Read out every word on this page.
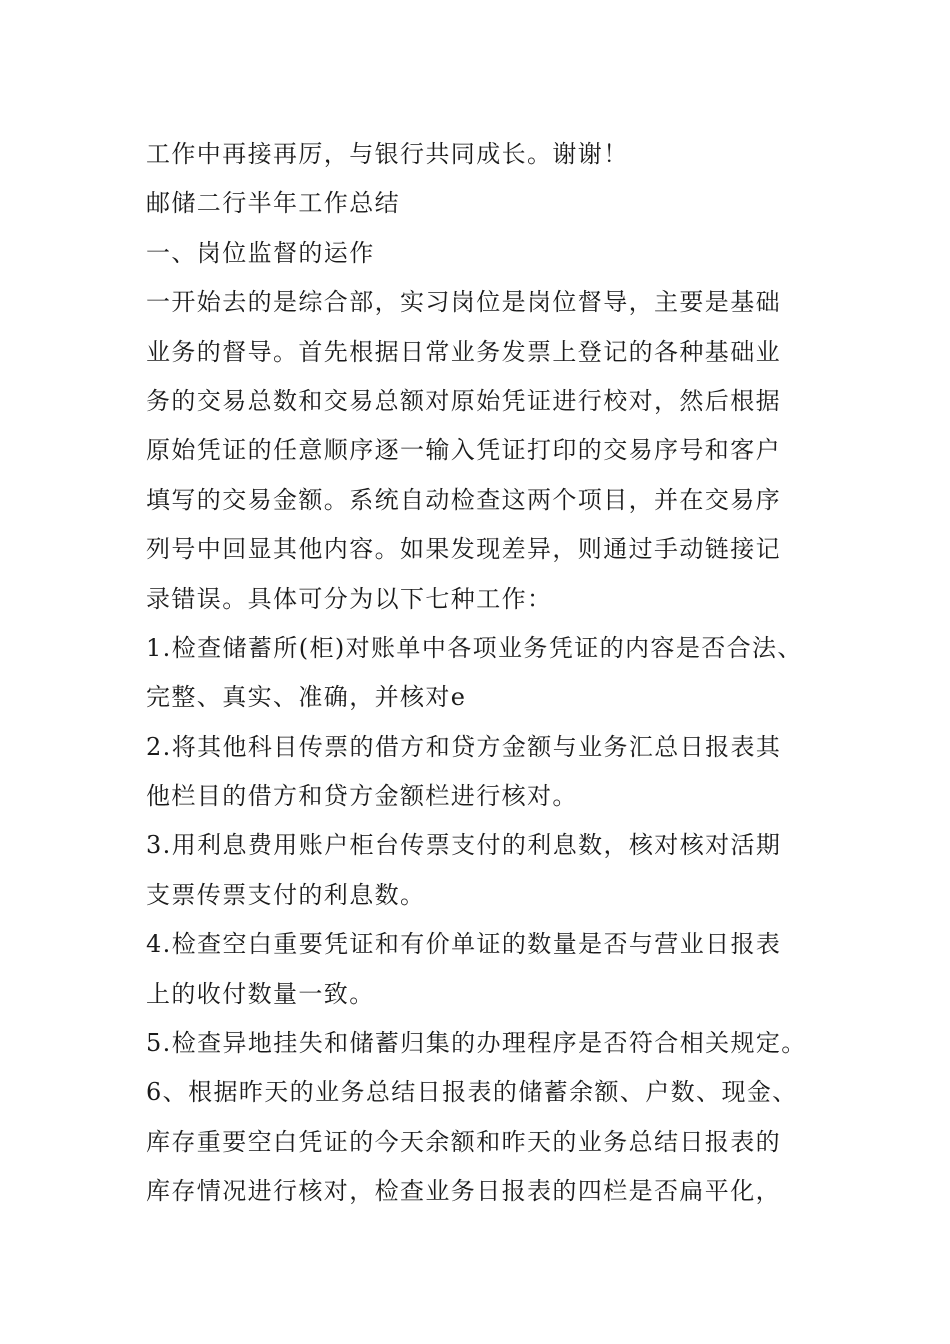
工作中再接再厉，与银行共同成长。谢谢！
邮储二行半年工作总结
一、岗位监督的运作
一开始去的是综合部，实习岗位是岗位督导，主要是基础
业务的督导。首先根据日常业务发票上登记的各种基础业
务的交易总数和交易总额对原始凭证进行校对，然后根据
原始凭证的任意顺序逐一输入凭证打印的交易序号和客户
填写的交易金额。系统自动检查这两个项目，并在交易序
列号中回显其他内容。如果发现差异，则通过手动链接记
录错误。具体可分为以下七种工作：
1.检查储蓄所(柜)对账单中各项业务凭证的内容是否合法、
完整、真实、准确，并核对e
2.将其他科目传票的借方和贷方金额与业务汇总日报表其
他栏目的借方和贷方金额栏进行核对。
3.用利息费用账户柜台传票支付的利息数，核对核对活期
支票传票支付的利息数。
4.检查空白重要凭证和有价单证的数量是否与营业日报表
上的收付数量一致。
5.检查异地挂失和储蓄归集的办理程序是否符合相关规定。
6、根据昨天的业务总结日报表的储蓄余额、户数、现金、
库存重要空白凭证的今天余额和昨天的业务总结日报表的
库存情况进行核对，检查业务日报表的四栏是否扁平化，
